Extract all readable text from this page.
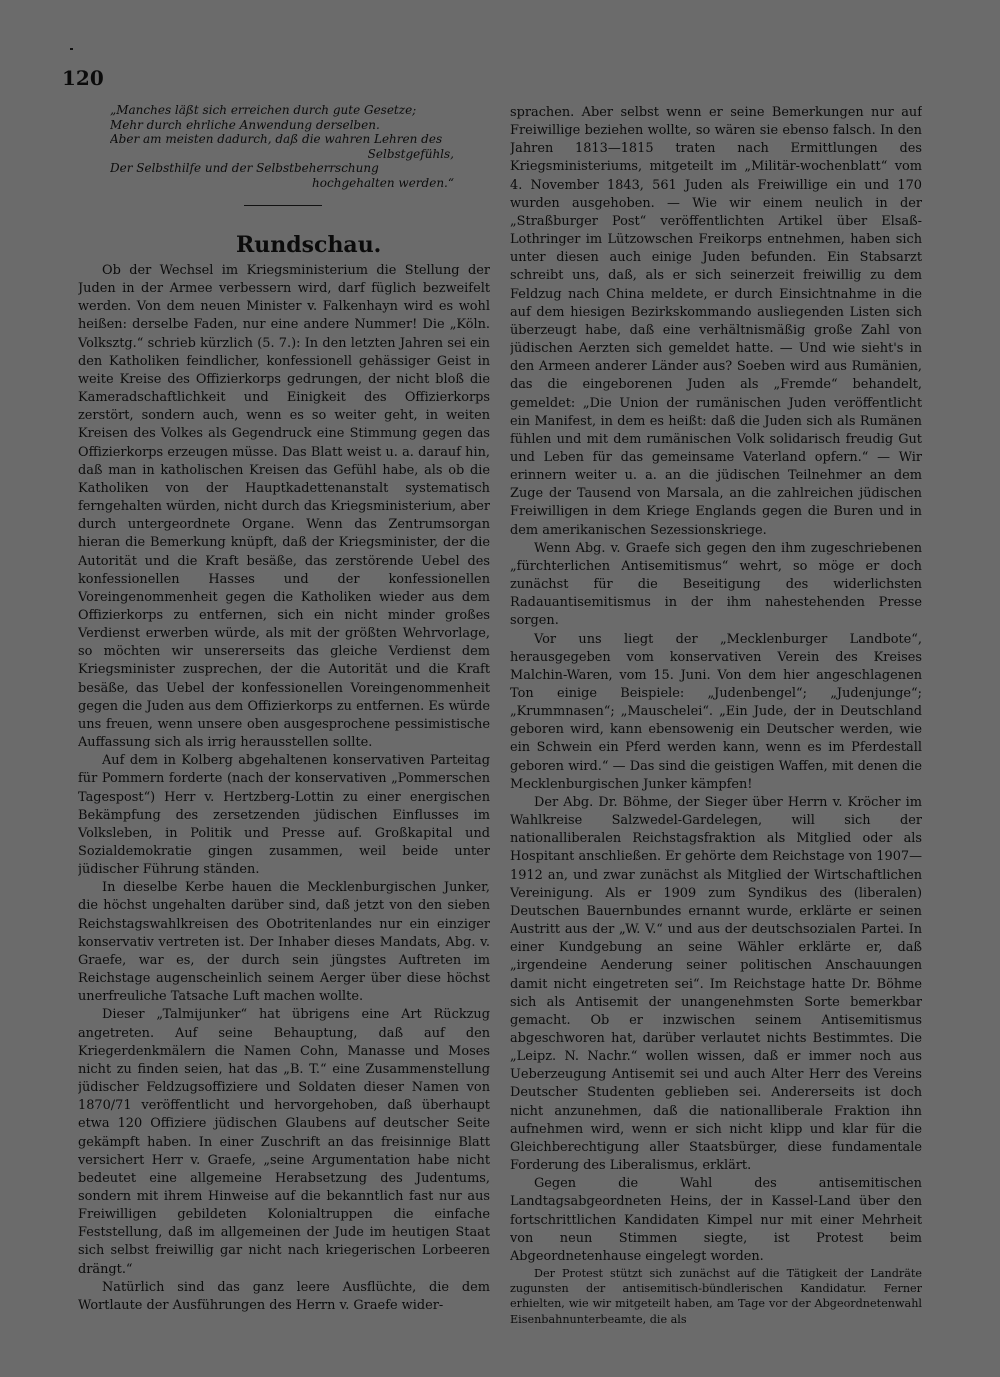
120
„Manches läßt sich erreichen durch gute Gesetze;
Mehr durch ehrliche Anwendung derselben.
Aber am meisten dadurch, daß die wahren Lehren des
Selbstgefühls,
Der Selbsthilfe und der Selbstbeherrschung
hochgehalten werden.“
Rundschau.

Ob der Wechsel im Kriegsministerium die Stellung der Juden in der Armee verbessern wird, darf füglich bezweifelt werden. Von dem neuen Minister v. Falkenhayn wird es wohl heißen: derselbe Faden, nur eine andere Nummer! Die „Köln. Volksztg.“ schrieb kürzlich (5. 7.): In den letzten Jahren sei ein den Katholiken feindlicher, konfessionell gehässiger Geist in weite Kreise des Offizierkorps gedrungen, der nicht bloß die Kameradschaftlichkeit und Einigkeit des Offizierkorps zerstört, sondern auch, wenn es so weiter geht, in weiten Kreisen des Volkes als Gegendruck eine Stimmung gegen das Offizierkorps erzeugen müsse. Das Blatt weist u. a. darauf hin, daß man in katholischen Kreisen das Gefühl habe, als ob die Katholiken von der Hauptkadettenanstalt systematisch ferngehalten würden, nicht durch das Kriegsministerium, aber durch untergeordnete Organe. Wenn das Zentrumsorgan hieran die Bemerkung knüpft, daß der Kriegsminister, der die Autorität und die Kraft besäße, das zerstörende Uebel des konfessionellen Hasses und der konfessionellen Voreingenommenheit gegen die Katholiken wieder aus dem Offizierkorps zu entfernen, sich ein nicht minder großes Verdienst erwerben würde, als mit der größten Wehrvorlage, so möchten wir unsererseits das gleiche Verdienst dem Kriegsminister zusprechen, der die Autorität und die Kraft besäße, das Uebel der konfessionellen Voreingenommenheit gegen die Juden aus dem Offizierkorps zu entfernen. Es würde uns freuen, wenn unsere oben ausgesprochene pessimistische Auffassung sich als irrig herausstellen sollte.

Auf dem in Kolberg abgehaltenen konservativen Parteitag für Pommern forderte (nach der konservativen „Pommerschen Tagespost“) Herr v. Hertzberg-Lottin zu einer energischen Bekämpfung des zersetzenden jüdischen Einflusses im Volksleben, in Politik und Presse auf. Großkapital und Sozialdemokratie gingen zusammen, weil beide unter jüdischer Führung ständen.

In dieselbe Kerbe hauen die Mecklenburgischen Junker, die höchst ungehalten darüber sind, daß jetzt von den sieben Reichstagswahlkreisen des Obotritenlandes nur ein einziger konservativ vertreten ist. Der Inhaber dieses Mandats, Abg. v. Graefe, war es, der durch sein jüngstes Auftreten im Reichstage augenscheinlich seinem Aerger über diese höchst unerfreuliche Tatsache Luft machen wollte.

Dieser „Talmijunker“ hat übrigens eine Art Rückzug angetreten. Auf seine Behauptung, daß auf den Kriegerdenkmälern die Namen Cohn, Manasse und Moses nicht zu finden seien, hat das „B. T.“ eine Zusammenstellung jüdischer Feldzugsoffiziere und Soldaten dieser Namen von 1870/71 veröffentlicht und hervorgehoben, daß überhaupt etwa 120 Offiziere jüdischen Glaubens auf deutscher Seite gekämpft haben. In einer Zuschrift an das freisinnige Blatt versichert Herr v. Graefe, „seine Argumentation habe nicht bedeutet eine allgemeine Herabsetzung des Judentums, sondern mit ihrem Hinweise auf die bekanntlich fast nur aus Freiwilligen gebildeten Kolonialtruppen die einfache Feststellung, daß im allgemeinen der Jude im heutigen Staat sich selbst freiwillig gar nicht nach kriegerischen Lorbeeren drängt.“

Natürlich sind das ganz leere Ausflüchte, die dem Wortlaute der Ausführungen des Herrn v. Graefe wider-

sprachen. Aber selbst wenn er seine Bemerkungen nur auf Freiwillige beziehen wollte, so wären sie ebenso falsch. In den Jahren 1813—1815 traten nach Ermittlungen des Kriegsministeriums, mitgeteilt im „Militär-wochenblatt“ vom 4. November 1843, 561 Juden als Freiwillige ein und 170 wurden ausgehoben. — Wie wir einem neulich in der „Straßburger Post“ veröffentlichten Artikel über Elsaß-Lothringer im Lützowschen Freikorps entnehmen, haben sich unter diesen auch einige Juden befunden. Ein Stabsarzt schreibt uns, daß, als er sich seinerzeit freiwillig zu dem Feldzug nach China meldete, er durch Einsichtnahme in die auf dem hiesigen Bezirkskommando ausliegenden Listen sich überzeugt habe, daß eine verhältnismäßig große Zahl von jüdischen Aerzten sich gemeldet hatte. — Und wie sieht's in den Armeen anderer Länder aus? Soeben wird aus Rumänien, das die eingeborenen Juden als „Fremde“ behandelt, gemeldet: „Die Union der rumänischen Juden veröffentlicht ein Manifest, in dem es heißt: daß die Juden sich als Rumänen fühlen und mit dem rumänischen Volk solidarisch freudig Gut und Leben für das gemeinsame Vaterland opfern.“ — Wir erinnern weiter u. a. an die jüdischen Teilnehmer an dem Zuge der Tausend von Marsala, an die zahlreichen jüdischen Freiwilligen in dem Kriege Englands gegen die Buren und in dem amerikanischen Sezessionskriege.

Wenn Abg. v. Graefe sich gegen den ihm zugeschriebenen „fürchterlichen Antisemitismus“ wehrt, so möge er doch zunächst für die Beseitigung des widerlichsten Radauantisemitismus in der ihm nahestehenden Presse sorgen.

Vor uns liegt der „Mecklenburger Landbote“, herausgegeben vom konservativen Verein des Kreises Malchin-Waren, vom 15. Juni. Von dem hier angeschlagenen Ton einige Beispiele: „Judenbengel“; „Judenjunge“; „Krummnasen“; „Mauschelei“. „Ein Jude, der in Deutschland geboren wird, kann ebensowenig ein Deutscher werden, wie ein Schwein ein Pferd werden kann, wenn es im Pferdestall geboren wird.“ — Das sind die geistigen Waffen, mit denen die Mecklenburgischen Junker kämpfen!

Der Abg. Dr. Böhme, der Sieger über Herrn v. Kröcher im Wahlkreise Salzwedel-Gardelegen, will sich der nationalliberalen Reichstagsfraktion als Mitglied oder als Hospitant anschließen. Er gehörte dem Reichstage von 1907—1912 an, und zwar zunächst als Mitglied der Wirtschaftlichen Vereinigung. Als er 1909 zum Syndikus des (liberalen) Deutschen Bauernbundes ernannt wurde, erklärte er seinen Austritt aus der „W. V.“ und aus der deutschsozialen Partei. In einer Kundgebung an seine Wähler erklärte er, daß „irgendeine Aenderung seiner politischen Anschauungen damit nicht eingetreten sei“. Im Reichstage hatte Dr. Böhme sich als Antisemit der unangenehmsten Sorte bemerkbar gemacht. Ob er inzwischen seinem Antisemitismus abgeschworen hat, darüber verlautet nichts Bestimmtes. Die „Leipz. N. Nachr.“ wollen wissen, daß er immer noch aus Ueberzeugung Antisemit sei und auch Alter Herr des Vereins Deutscher Studenten geblieben sei. Andererseits ist doch nicht anzunehmen, daß die nationalliberale Fraktion ihn aufnehmen wird, wenn er sich nicht klipp und klar für die Gleichberechtigung aller Staatsbürger, diese fundamentale Forderung des Liberalismus, erklärt.

Gegen die Wahl des antisemitischen Landtagsabgeordneten Heins, der in Kassel-Land über den fortschrittlichen Kandidaten Kimpel nur mit einer Mehrheit von neun Stimmen siegte, ist Protest beim Abgeordnetenhause eingelegt worden.

Der Protest stützt sich zunächst auf die Tätigkeit der Landräte zugunsten der antisemitisch-bündlerischen Kandidatur. Ferner erhielten, wie wir mitgeteilt haben, am Tage vor der Abgeordnetenwahl Eisenbahnunterbeamte, die als
